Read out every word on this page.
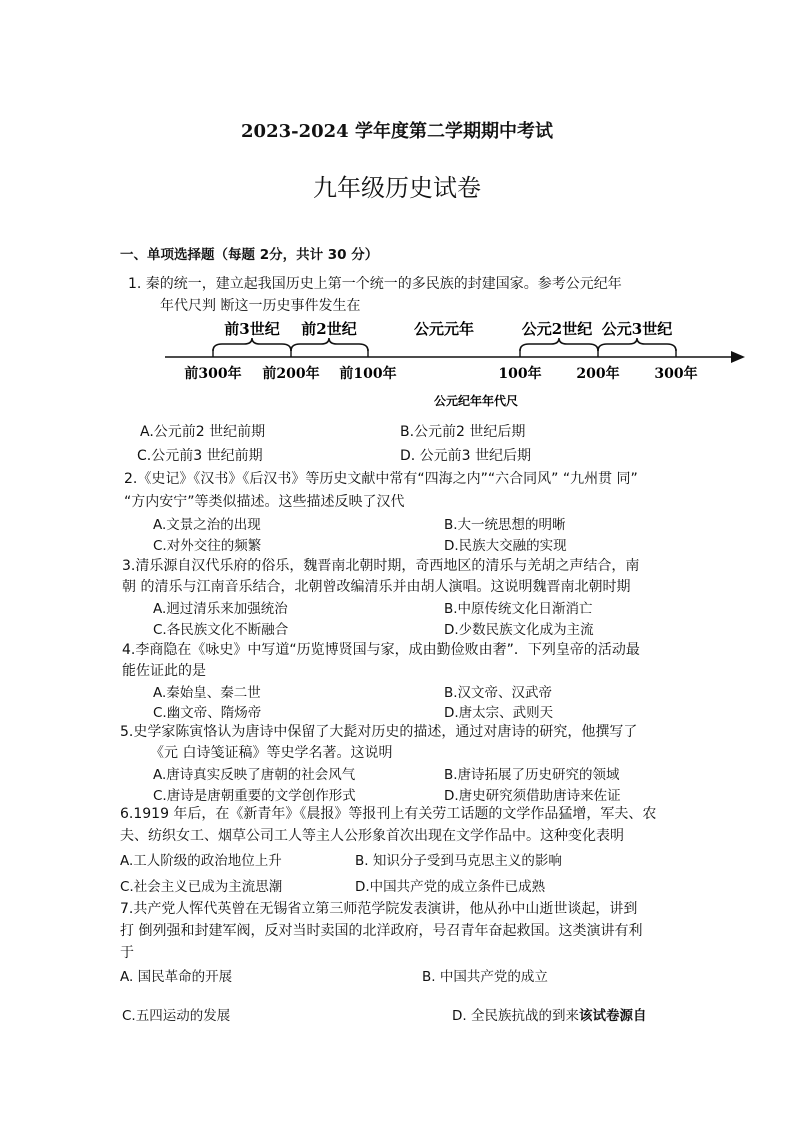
2023-2024 学年度第二学期期中考试
九年级历史试卷
一、单项选择题（每题 2分，共计 30 分）
1. 秦的统一，建立起我国历史上第一个统一的多民族的封建国家。参考公元纪年
年代尺判 断这一历史事件发生在
前3世纪 前2世纪	公元元年	公元2世纪 公元3世纪
前300年 前200年 前100年	100年 200年 300年
公元纪年年代尺
A.公元前2 世纪前期	B.公元前2 世纪后期
C.公元前3 世纪前期	D. 公元前3 世纪后期
2.《史记》《汉书》《后汉书》等历史文献中常有“四海之内”“六合同风” “九州贯 同”
“方内安宁”等类似描述。这些描述反映了汉代
A.文景之治的出现	B.大一统思想的明晰
C.对外交往的频繁	D.民族大交融的实现
3.清乐源自汉代乐府的俗乐，魏晋南北朝时期，奇西地区的清乐与羌胡之声结合，南
朝 的清乐与江南音乐结合，北朝曾改编清乐并由胡人演唱。这说明魏晋南北朝时期
A.迥过清乐来加强统治	B.中原传统文化日渐消亡
C.各民族文化不断融合	D.少数民族文化成为主流
4.李商隐在《咏史》中写道“历览博贤国与家，成由勤俭败由奢”．下列皇帝的活动最
能佐证此的是
A.秦始皇、秦二世	B.汉文帝、汉武帝
C.幽文帝、隋炀帝	D.唐太宗、武则天
5.史学家陈寅恪认为唐诗中保留了大髭对历史的描述，通过对唐诗的研究，他撰写了
《元 白诗笺证稿》等史学名著。这说明
A.唐诗真实反映了唐朝的社会风气	B.唐诗拓展了历史研究的领域
C.唐诗是唐朝重要的文学创作形式	D.唐史研究须借助唐诗来佐证
6.1919 年后，在《新青年》《晨报》等报刊上有关劳工话题的文学作品猛增，军夫、农
夫、纺织女工、烟草公司工人等主人公形象首次出现在文学作品中。这种变化表明
A.工人阶级的政治地位上升	B. 知识分子受到马克思主义的影响
C.社会主义已成为主流思潮	D.中国共产党的成立条件已成熟
7.共产党人恽代英曾在无锡省立第三师范学院发表演讲，他从孙中山逝世谈起，讲到
打 倒列强和封建军阀，反对当时卖国的北洋政府，号召青年奋起救国。这类演讲有利
于
A. 国民革命的开展	B. 中国共产党的成立
C.五四运动的发展	D. 全民族抗战的到来该试卷源自
